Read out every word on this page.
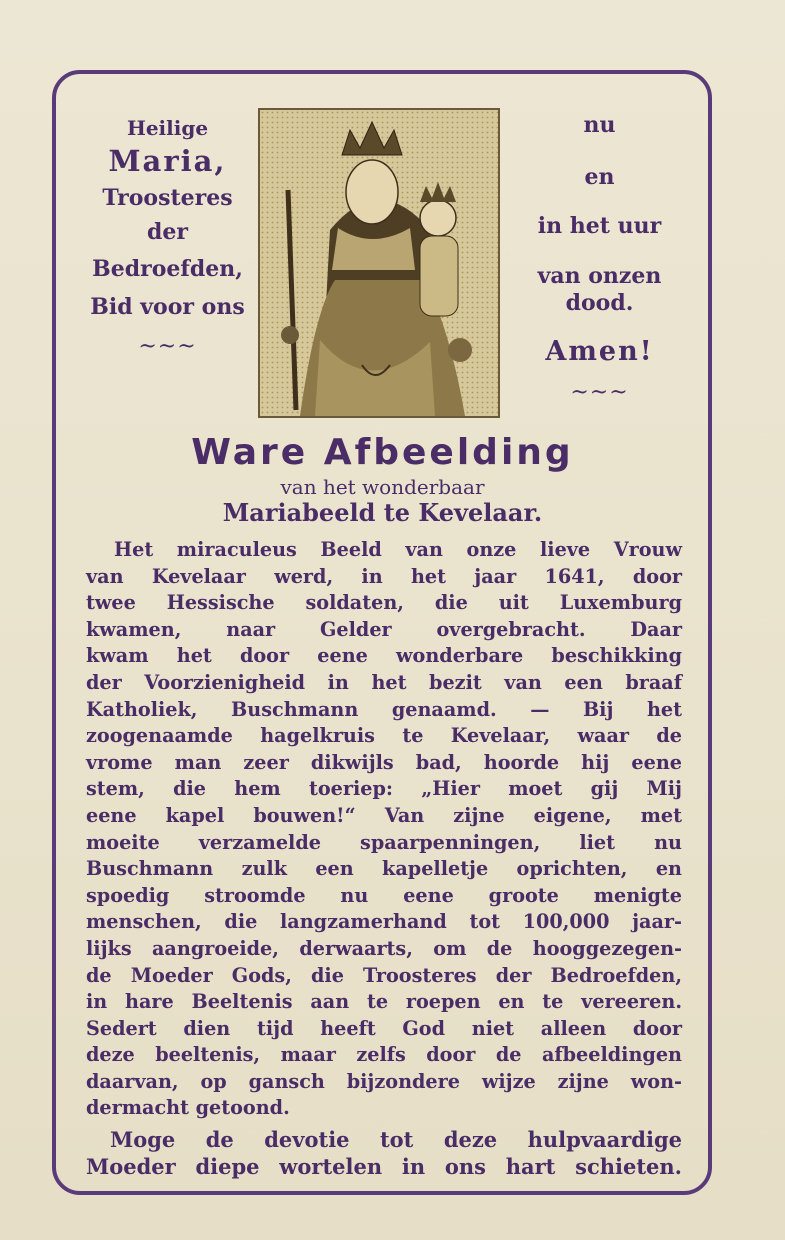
Heilige
Maria,
Troosteres
der
Bedroefden,
Bid voor ons
~~~
nu
en
in het uur
van onzen dood.
Amen!
~~~
Ware Afbeelding
van het wonderbaar
Mariabeeld te Kevelaar.
Het miraculeus Beeld van onze lieve Vrouw
van Kevelaar werd, in het jaar 1641, door
twee Hessische soldaten, die uit Luxemburg
kwamen, naar Gelder overgebracht. Daar
kwam het door eene wonderbare beschikking
der Voorzienigheid in het bezit van een braaf
Katholiek, Buschmann genaamd. — Bij het
zoogenaamde hagelkruis te Kevelaar, waar de
vrome man zeer dikwijls bad, hoorde hij eene
stem, die hem toeriep: „Hier moet gij Mij
eene kapel bouwen!“ Van zijne eigene, met
moeite verzamelde spaarpenningen, liet nu
Buschmann zulk een kapelletje oprichten, en
spoedig stroomde nu eene groote menigte
menschen, die langzamerhand tot 100,000 jaar-
lijks aangroeide, derwaarts, om de hooggezegen-
de Moeder Gods, die Troosteres der Bedroefden,
in hare Beeltenis aan te roepen en te vereeren.
Sedert dien tijd heeft God niet alleen door
deze beeltenis, maar zelfs door de afbeeldingen
daarvan, op gansch bijzondere wijze zijne won-
dermacht getoond.
Moge de devotie tot deze hulpvaardige
Moeder diepe wortelen in ons hart schieten.
